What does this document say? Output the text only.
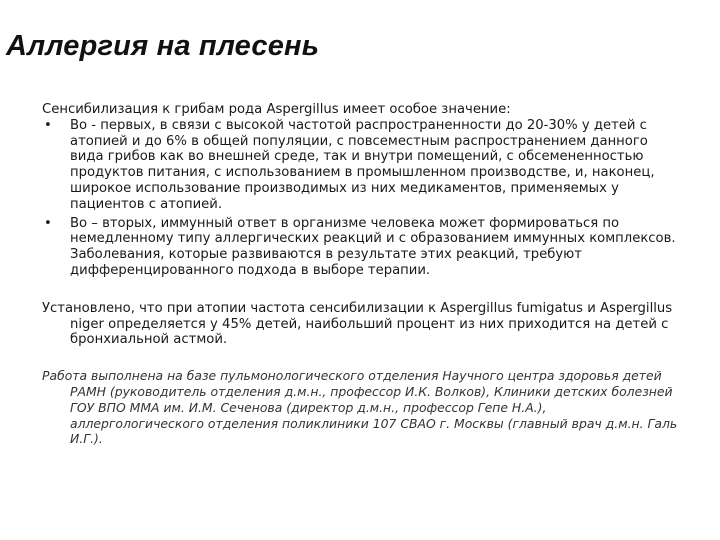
Аллергия на плесень

Сенсибилизация к грибам рода Aspergillus имеет особое значение:

• Во - первых, в связи с высокой частотой распространенности до 20-30% у детей с атопией и до 6% в общей популяции, с повсеместным распространением данного вида грибов как во внешней среде, так и внутри помещений, с обсемененностью продуктов питания, с использованием в промышленном производстве, и, наконец, широкое использование производимых из них медикаментов, применяемых у пациентов с атопией.
• Во – вторых, иммунный ответ в организме человека может формироваться по немедленному типу аллергических реакций и с образованием иммунных комплексов. Заболевания, которые развиваются в результате этих реакций, требуют дифференцированного подхода в выборе терапии.

Установлено, что при атопии частота сенсибилизации к Aspergillus fumigatus и Aspergillus niger определяется у 45% детей, наибольший процент из них приходится на детей с бронхиальной астмой.

Работа выполнена на базе пульмонологического отделения Научного центра здоровья детей РАМН (руководитель отделения д.м.н., профессор И.К. Волков), Клиники детских болезней ГОУ ВПО ММА им. И.М. Сеченова (директор д.м.н., профессор Гепе Н.А.), аллергологического отделения поликлиники 107 СВАО г. Москвы (главный врач д.м.н. Галь И.Г.).
